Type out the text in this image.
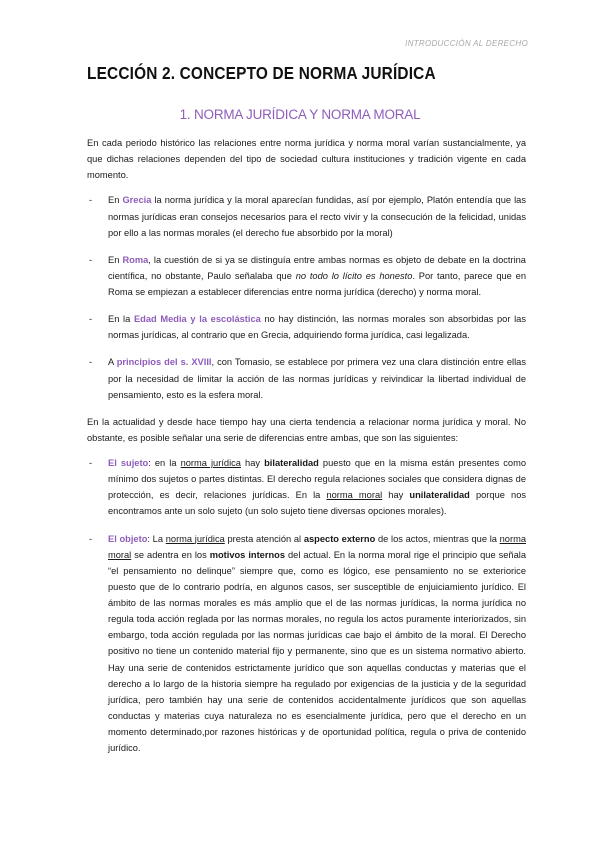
INTRODUCCIÓN AL DERECHO
LECCIÓN 2. CONCEPTO DE NORMA JURÍDICA
1. NORMA JURÍDICA Y NORMA MORAL

En cada periodo histórico las relaciones entre norma jurídica y norma moral varían sustancialmente, ya que dichas relaciones dependen del tipo de sociedad cultura instituciones y tradición vigente en cada momento.

- En Grecia la norma jurídica y la moral aparecían fundidas, así por ejemplo, Platón entendía que las normas jurídicas eran consejos necesarios para el recto vivir y la consecución de la felicidad, unidas por ello a las normas morales (el derecho fue absorbido por la moral)
- En Roma, la cuestión de si ya se distinguía entre ambas normas es objeto de debate en la doctrina científica, no obstante, Paulo señalaba que no todo lo lícito es honesto. Por tanto, parece que en Roma se empiezan a establecer diferencias entre norma jurídica (derecho) y norma moral.
- En la Edad Media y la escolástica no hay distinción, las normas morales son absorbidas por las normas jurídicas, al contrario que en Grecia, adquiriendo forma jurídica, casi legalizada.
- A principios del s. XVIII, con Tomasio, se establece por primera vez una clara distinción entre ellas por la necesidad de limitar la acción de las normas jurídicas y reivindicar la libertad individual de pensamiento, esto es la esfera moral.

En la actualidad y desde hace tiempo hay una cierta tendencia a relacionar norma jurídica y moral. No obstante, es posible señalar una serie de diferencias entre ambas, que son las siguientes:

- El sujeto: en la norma jurídica hay bilateralidad puesto que en la misma están presentes como mínimo dos sujetos o partes distintas. El derecho regula relaciones sociales que considera dignas de protección, es decir, relaciones jurídicas. En la norma moral hay unilateralidad porque nos encontramos ante un solo sujeto (un solo sujeto tiene diversas opciones morales).
- El objeto: La norma jurídica presta atención al aspecto externo de los actos, mientras que la norma moral se adentra en los motivos internos del actual. En la norma moral rige el principio que señala “el pensamiento no delinque” siempre que, como es lógico, ese pensamiento no se exteriorice puesto que de lo contrario podría, en algunos casos, ser susceptible de enjuiciamiento jurídico. El ámbito de las normas morales es más amplio que el de las normas jurídicas, la norma jurídica no regula toda acción reglada por las normas morales, no regula los actos puramente interiorizados, sin embargo, toda acción regulada por las normas jurídicas cae bajo el ámbito de la moral. El Derecho positivo no tiene un contenido material fijo y permanente, sino que es un sistema normativo abierto. Hay una serie de contenidos estrictamente jurídico que son aquellas conductas y materias que el derecho a lo largo de la historia siempre ha regulado por exigencias de la justicia y de la seguridad jurídica, pero también hay una serie de contenidos accidentalmente jurídicos que son aquellas conductas y materias cuya naturaleza no es esencialmente jurídica, pero que el derecho en un momento determinado,por razones históricas y de oportunidad política, regula o priva de contenido jurídico.
